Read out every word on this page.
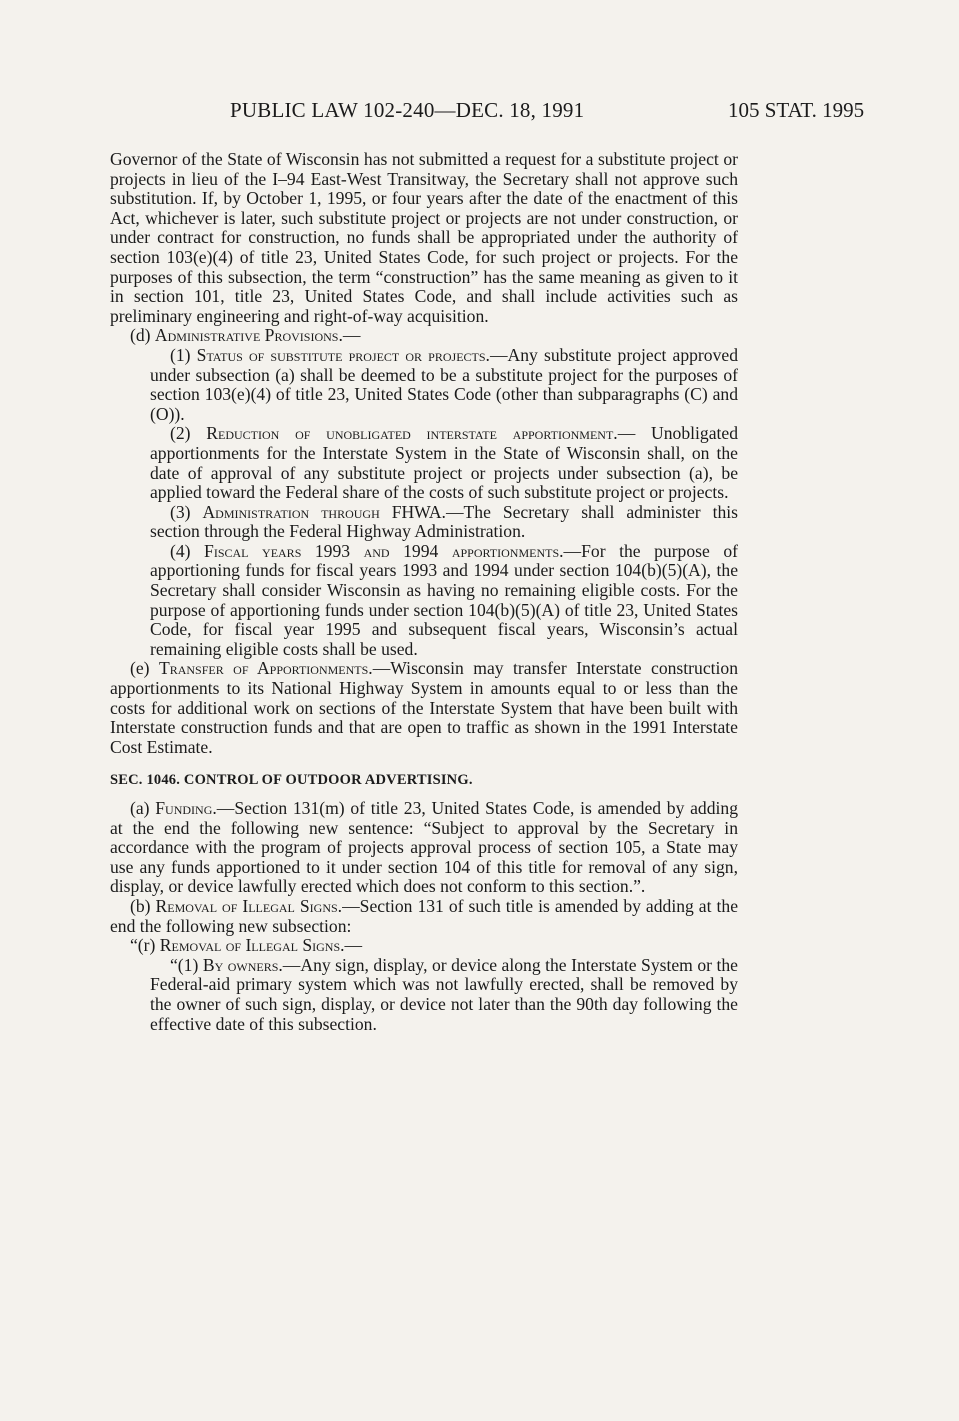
PUBLIC LAW 102-240—DEC. 18, 1991	105 STAT. 1995

Governor of the State of Wisconsin has not submitted a request for a substitute project or projects in lieu of the I–94 East-West Transitway, the Secretary shall not approve such substitution. If, by October 1, 1995, or four years after the date of the enactment of this Act, whichever is later, such substitute project or projects are not under construction, or under contract for construction, no funds shall be appropriated under the authority of section 103(e)(4) of title 23, United States Code, for such project or projects. For the purposes of this subsection, the term “construction” has the same meaning as given to it in section 101, title 23, United States Code, and shall include activities such as preliminary engineering and right-of-way acquisition.

(d) Administrative Provisions.—

(1) Status of substitute project or projects.—Any substitute project approved under subsection (a) shall be deemed to be a substitute project for the purposes of section 103(e)(4) of title 23, United States Code (other than subparagraphs (C) and (O)).

(2) Reduction of unobligated interstate apportionment.— Unobligated apportionments for the Interstate System in the State of Wisconsin shall, on the date of approval of any substitute project or projects under subsection (a), be applied toward the Federal share of the costs of such substitute project or projects.

(3) Administration through FHWA.—The Secretary shall administer this section through the Federal Highway Administration.

(4) Fiscal years 1993 and 1994 apportionments.—For the purpose of apportioning funds for fiscal years 1993 and 1994 under section 104(b)(5)(A), the Secretary shall consider Wisconsin as having no remaining eligible costs. For the purpose of apportioning funds under section 104(b)(5)(A) of title 23, United States Code, for fiscal year 1995 and subsequent fiscal years, Wisconsin’s actual remaining eligible costs shall be used.

(e) Transfer of Apportionments.—Wisconsin may transfer Interstate construction apportionments to its National Highway System in amounts equal to or less than the costs for additional work on sections of the Interstate System that have been built with Interstate construction funds and that are open to traffic as shown in the 1991 Interstate Cost Estimate.

SEC. 1046. CONTROL OF OUTDOOR ADVERTISING.

(a) Funding.—Section 131(m) of title 23, United States Code, is amended by adding at the end the following new sentence: “Subject to approval by the Secretary in accordance with the program of projects approval process of section 105, a State may use any funds apportioned to it under section 104 of this title for removal of any sign, display, or device lawfully erected which does not conform to this section.”.

(b) Removal of Illegal Signs.—Section 131 of such title is amended by adding at the end the following new subsection:

“(r) Removal of Illegal Signs.—

“(1) By owners.—Any sign, display, or device along the Interstate System or the Federal-aid primary system which was not lawfully erected, shall be removed by the owner of such sign, display, or device not later than the 90th day following the effective date of this subsection.
